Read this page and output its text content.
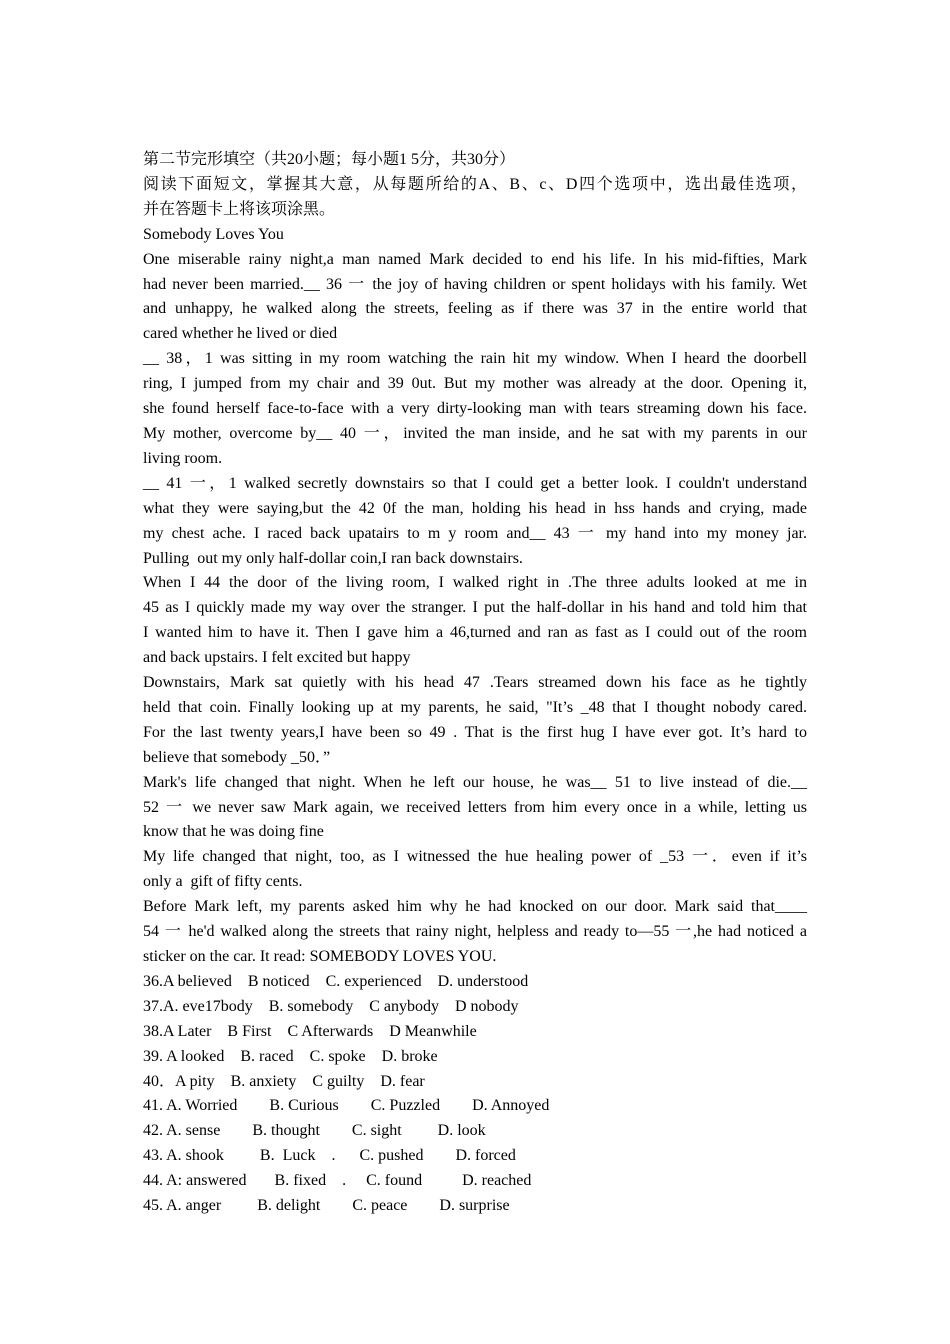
第二节完形填空（共20小题；每小题1 5分，共30分）
阅读下面短文，掌握其大意，从每题所给的A、B、c、D四个选项中，选出最佳选项，
并在答题卡上将该项涂黑。
Somebody Loves You
One miserable rainy night,a man named Mark decided to end his life. In his mid-fifties, Mark
had never been married.__ 36 一 the joy of having children or spent holidays with his family. Wet
and unhappy, he walked along the streets, feeling as if there was 37 in the entire world that
cared whether he lived or died
__ 38，1 was sitting in my room watching the rain hit my window. When I heard the doorbell
ring, I jumped from my chair and 39 0ut. But my mother was already at the door. Opening it,
she found herself face-to-face with a very dirty-looking man with tears streaming down his face.
My mother, overcome by__ 40 一，invited the man inside, and he sat with my parents in our
living room.
__ 41 一，1 walked secretly downstairs so that I could get a better look. I couldn't understand
what they were saying,but the 42 0f the man, holding his head in hss hands and crying, made
my chest ache. I raced back upatairs to m y room and__ 43 一 my hand into my money jar.
Pulling  out my only half-dollar coin,I ran back downstairs.
When I 44 the door of the living room, I walked right in .The three adults looked at me in
45 as I quickly made my way over the stranger. I put the half-dollar in his hand and told him that
I wanted him to have it. Then I gave him a 46,turned and ran as fast as I could out of the room
and back upstairs. I felt excited but happy
Downstairs, Mark sat quietly with his head 47 .Tears streamed down his face as he tightly
held that coin. Finally looking up at my parents, he said, "It’s _48 that I thought nobody cared.
For the last twenty years,I have been so 49 . That is the first hug I have ever got. It’s hard to
believe that somebody _50．”
Mark's life changed that night. When he left our house, he was__ 51 to live instead of die.__
52 一 we never saw Mark again, we received letters from him every once in a while, letting us
know that he was doing fine
My life changed that night, too, as I witnessed the hue healing power of _53 一．even if it’s
only a  gift of fifty cents.
Before Mark left, my parents asked him why he had knocked on our door. Mark said that____
54 一 he'd walked along the streets that rainy night, helpless and ready to—55 一,he had noticed a
sticker on the car. It read: SOMEBODY LOVES YOU.
36.A believed    B noticed    C. experienced    D. understood
37.A. eve17body    B. somebody    C anybody    D nobody
38.A Later    B First    C Afterwards    D Meanwhile
39. A looked    B. raced    C. spoke    D. broke
40．A pity    B. anxiety    C guilty    D. fear
41. A. Worried        B. Curious        C. Puzzled        D. Annoyed
42. A. sense        B. thought        C. sight         D. look
43. A. shook         B.  Luck    .      C. pushed        D. forced
44. A: answered       B. fixed    .     C. found          D. reached
45. A. anger         B. delight        C. peace        D. surprise
